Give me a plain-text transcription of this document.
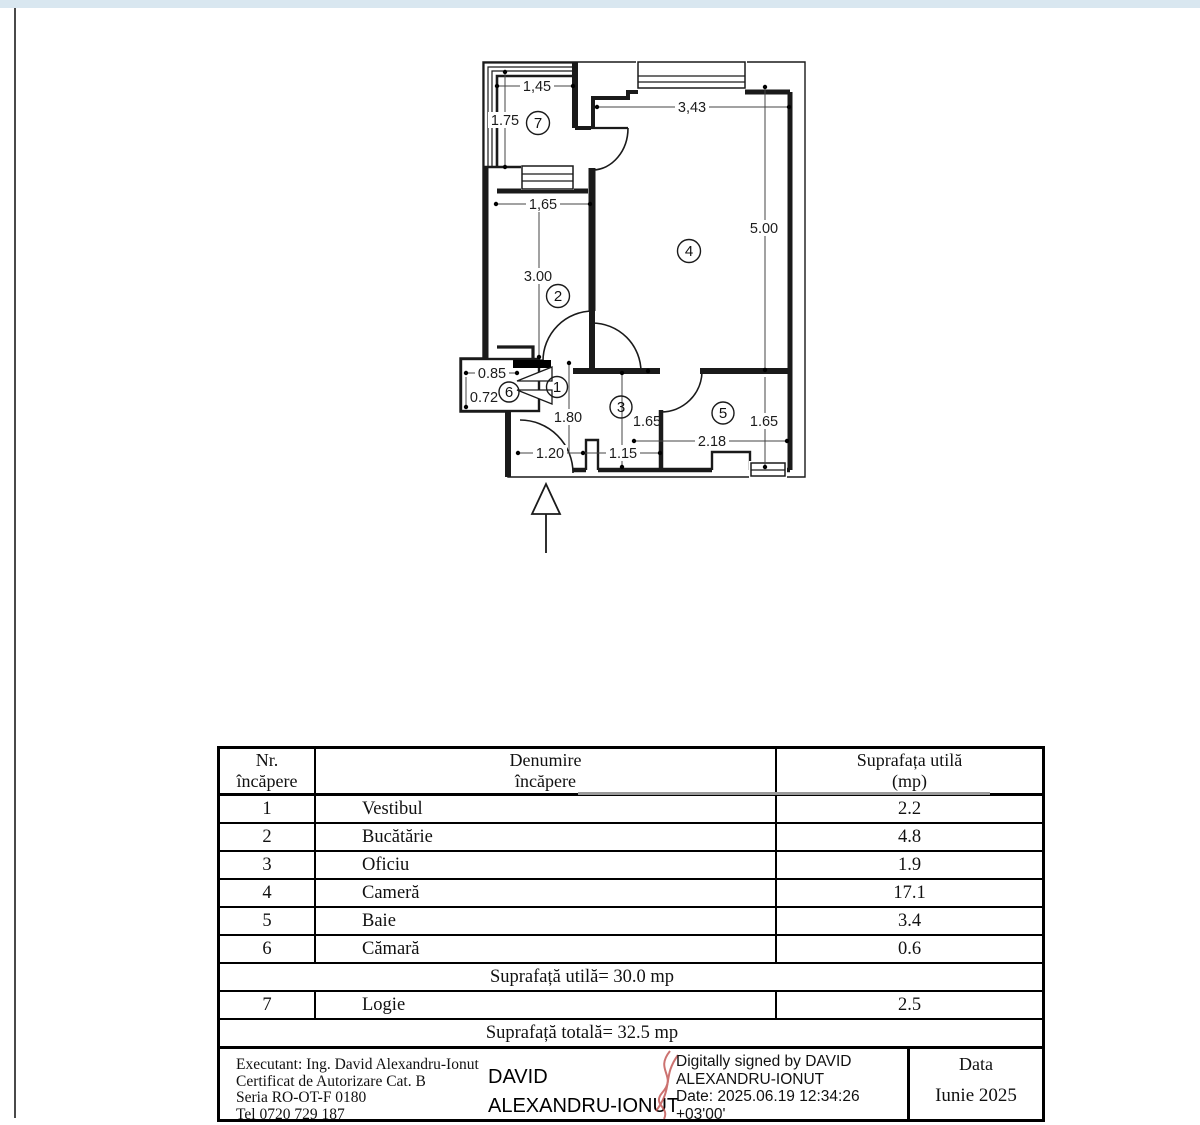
1,45
1.75
3,43
5.00
1,65
3.00
0.85
0.72
1.80
1.20	1.15
1.65	1.65
2.18
7
2
4
1
6
3	5
Nr.
încăpere

Denumire
încăpere

Suprafața utilă
(mp)

1	Vestibul	2.2
2	Bucătărie	4.8
3	Oficiu	1.9
4	Cameră	17.1
5	Baie	3.4
6	Cămară	0.6
Suprafață utilă= 30.0 mp		
7	Logie	2.5
Suprafață totală= 32.5 mp		

Executant: Ing. David Alexandru-Ionut
Certificat de Autorizare Cat. B
Seria RO-OT-F 0180
Tel 0720 729 187
DAVID
ALEXANDRU-IONUT
Digitally signed by DAVID
ALEXANDRU-IONUT
Date: 2025.06.19 12:34:26
+03'00'
Data
Iunie 2025
